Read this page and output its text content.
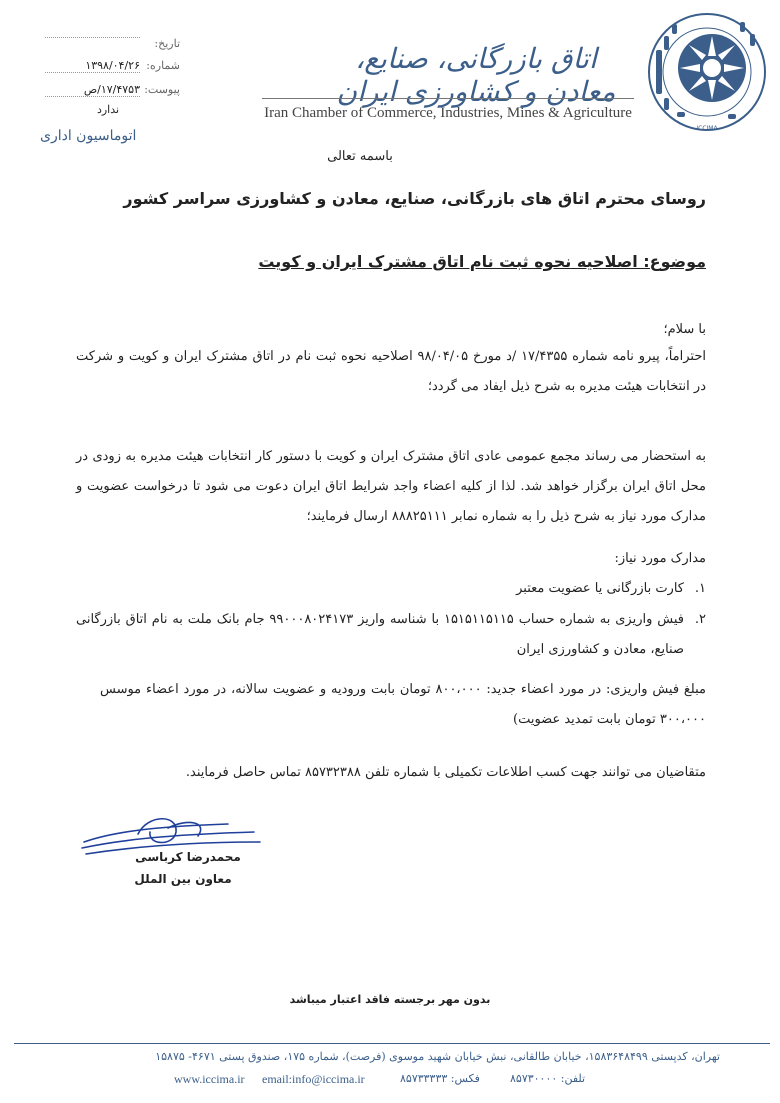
تاریخ:
شماره:
۱۳۹۸/۰۴/۲۶
پیوست:
۱۷/۴۷۵۳/ص
ندارد
اتوماسیون اداری
اتاق بازرگانی، صنایع، معادن و کشاورزی ایران
Iran Chamber of Commerce, Industries, Mines & Agriculture
ICCIMA
باسمه تعالی
روسای محترم اتاق های بازرگانی، صنایع، معادن و کشاورزی سراسر کشور
موضوع: اصلاحیه نحوه ثبت نام اتاق مشترک ایران و کویت
با سلام؛
احتراماً، پیرو نامه شماره ۱۷/۴۳۵۵ /د مورخ ۹۸/۰۴/۰۵ اصلاحیه نحوه ثبت نام در اتاق مشترک ایران و کویت و شرکت در انتخابات هیئت مدیره به شرح ذیل ایفاد می گردد؛
به استحضار می رساند مجمع عمومی عادی اتاق مشترک ایران و کویت با دستور کار انتخابات هیئت مدیره به زودی در محل اتاق ایران برگزار خواهد شد. لذا از کلیه اعضاء واجد شرایط اتاق ایران دعوت می شود تا درخواست عضویت و مدارک مورد نیاز به شرح ذیل را به شماره نمابر ۸۸۸۲۵۱۱۱ ارسال فرمایند؛
مدارک مورد نیاز:
۱.
کارت بازرگانی یا عضویت معتبر
۲.
فیش واریزی به شماره حساب ۱۵۱۵۱۱۵۱۱۵ با شناسه واریز ۹۹۰۰۰۸۰۲۴۱۷۳ جام بانک ملت به نام اتاق بازرگانی صنایع، معادن و کشاورزی ایران
مبلغ فیش واریزی: در مورد اعضاء جدید: ۸۰۰،۰۰۰ تومان بابت ورودیه و عضویت سالانه، در مورد اعضاء موسس ۳۰۰،۰۰۰ تومان بابت تمدید عضویت)
متقاضیان می توانند جهت کسب اطلاعات تکمیلی با شماره تلفن ۸۵۷۳۲۳۸۸ تماس حاصل فرمایند.
محمدرضا کرباسی
معاون بین الملل
بدون مهر برجسته فاقد اعتبار میباشد
تهران، کدپستی ۱۵۸۳۶۴۸۴۹۹، خیابان طالقانی، نبش خیابان شهید موسوی (فرصت)، شماره ۱۷۵، صندوق پستی ۴۶۷۱- ۱۵۸۷۵
www.iccima.ir email:info@iccima.ir	فکس: ۸۵۷۳۳۳۳۳	تلفن: ۸۵۷۳۰۰۰۰
